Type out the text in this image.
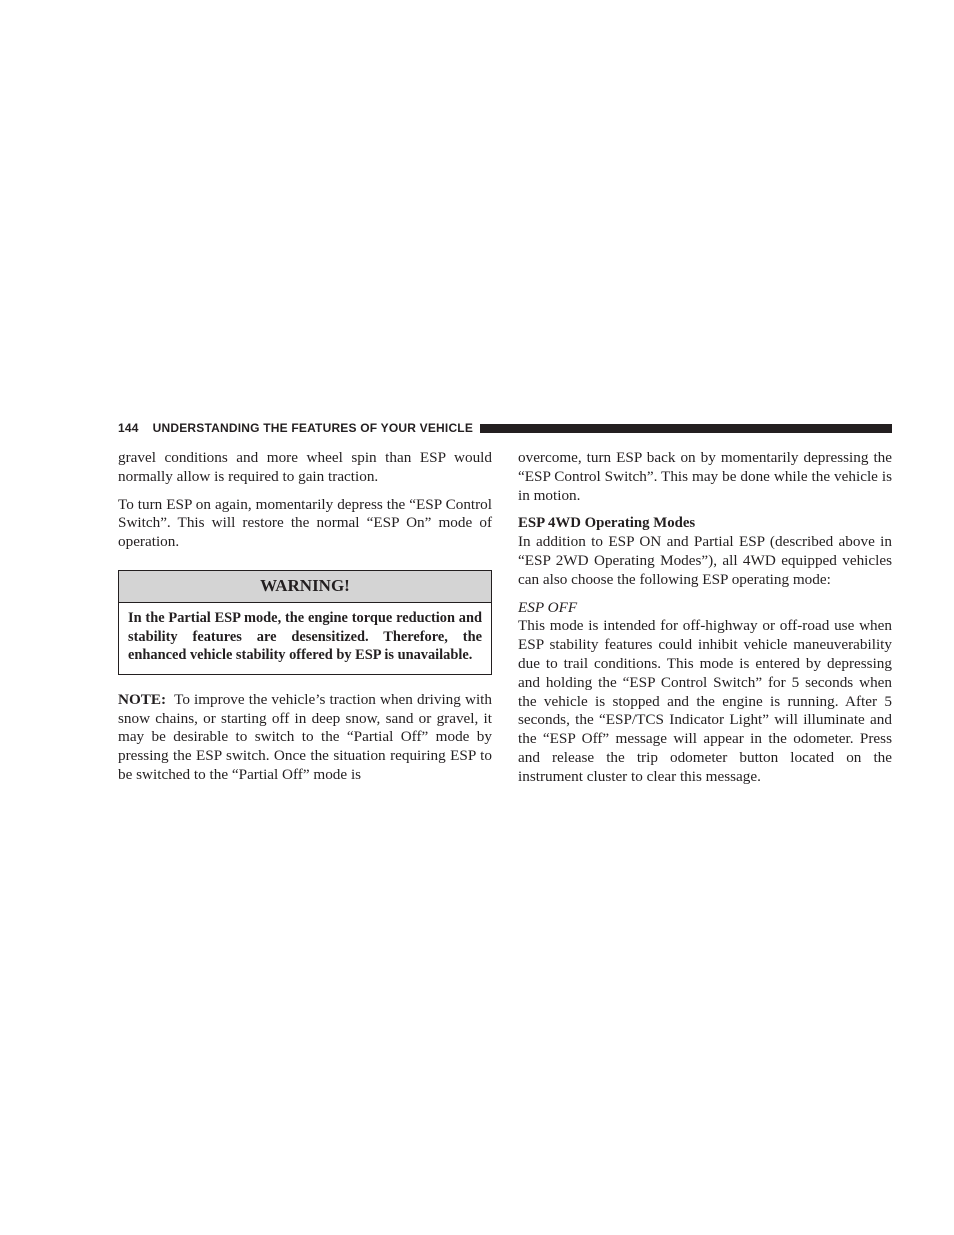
144 UNDERSTANDING THE FEATURES OF YOUR VEHICLE

gravel conditions and more wheel spin than ESP would normally allow is required to gain traction.

To turn ESP on again, momentarily depress the “ESP Control Switch”. This will restore the normal “ESP On” mode of operation.

WARNING!
In the Partial ESP mode, the engine torque reduction and stability features are desensitized. Therefore, the enhanced vehicle stability offered by ESP is unavailable.

NOTE: To improve the vehicle’s traction when driving with snow chains, or starting off in deep snow, sand or gravel, it may be desirable to switch to the “Partial Off” mode by pressing the ESP switch. Once the situation requiring ESP to be switched to the “Partial Off” mode is

overcome, turn ESP back on by momentarily depressing the “ESP Control Switch”. This may be done while the vehicle is in motion.

ESP 4WD Operating Modes

In addition to ESP ON and Partial ESP (described above in “ESP 2WD Operating Modes”), all 4WD equipped vehicles can also choose the following ESP operating mode:

ESP OFF

This mode is intended for off-highway or off-road use when ESP stability features could inhibit vehicle maneuverability due to trail conditions. This mode is entered by depressing and holding the “ESP Control Switch” for 5 seconds when the vehicle is stopped and the engine is running. After 5 seconds, the “ESP/TCS Indicator Light” will illuminate and the “ESP Off” message will appear in the odometer. Press and release the trip odometer button located on the instrument cluster to clear this message.
